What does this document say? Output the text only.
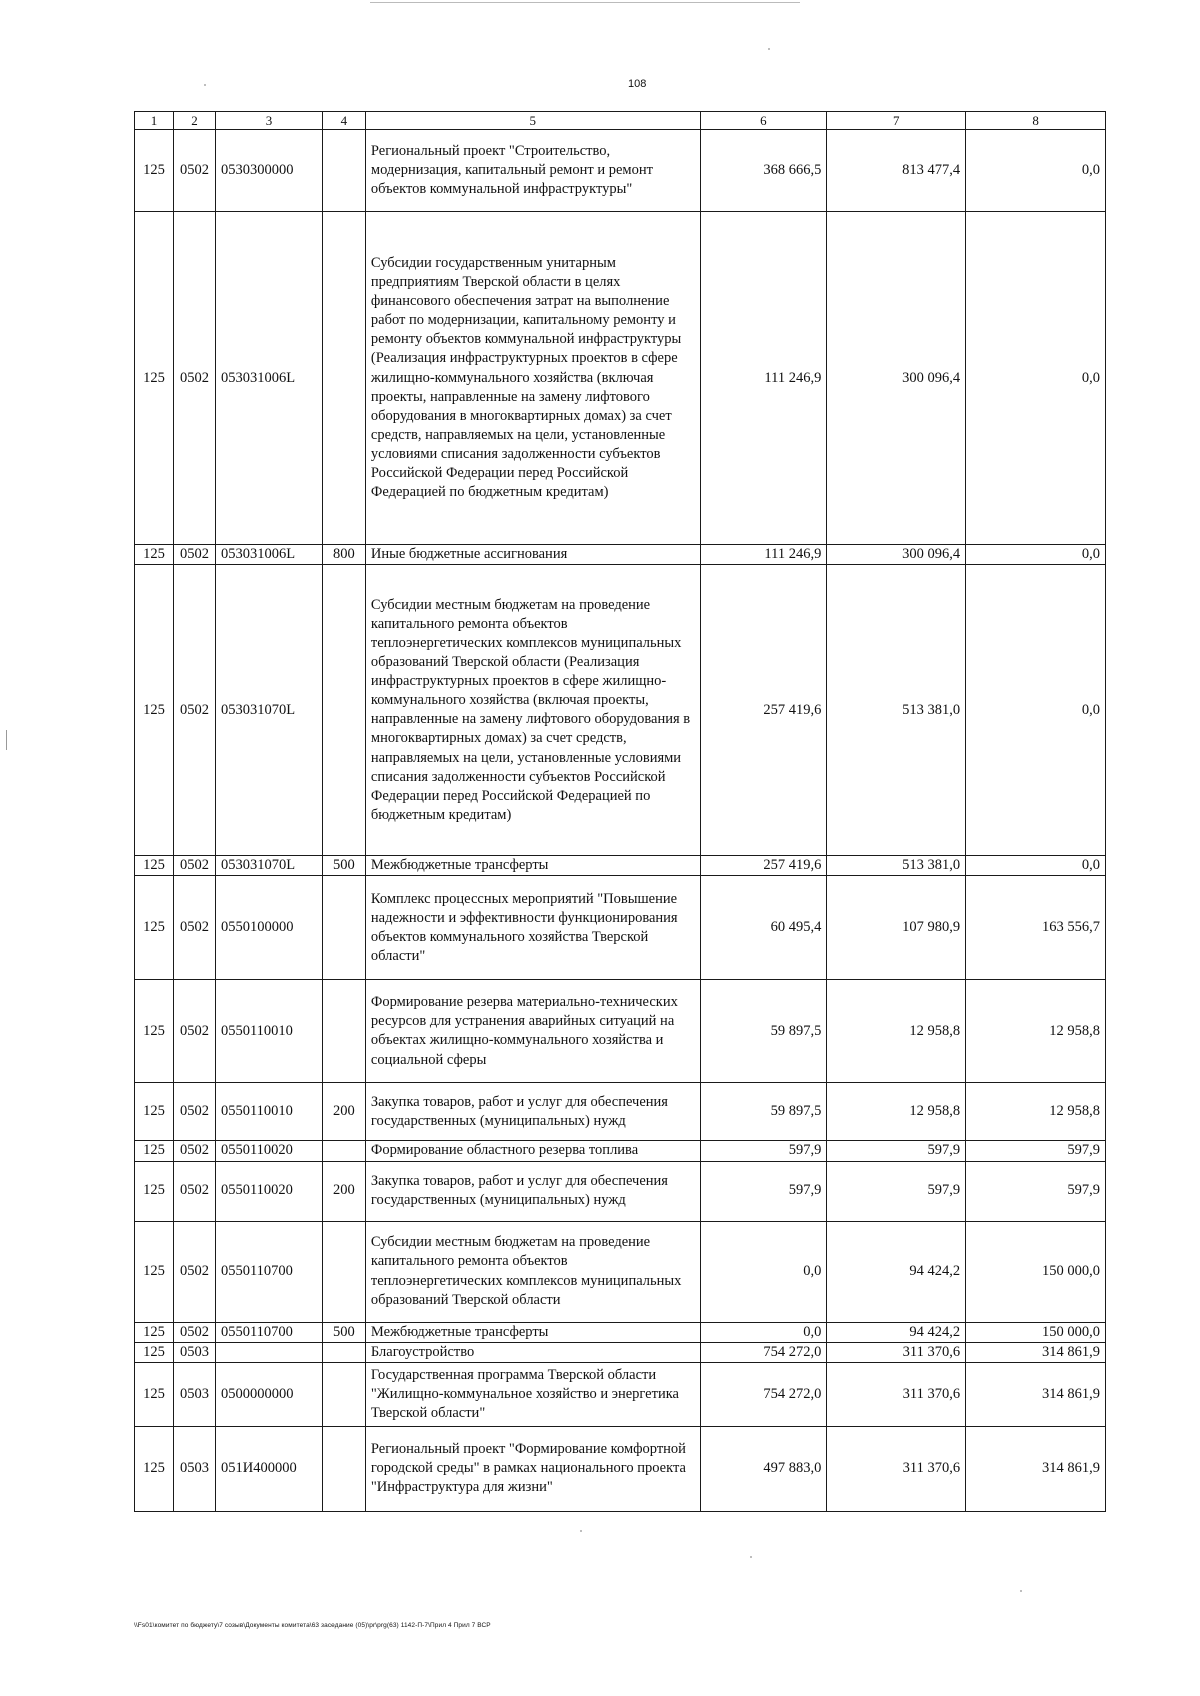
108
1	2	3	4	5	6	7	8
125	0502	0530300000		Региональный проект "Строительство, модернизация, капитальный ремонт и ремонт объектов коммунальной инфраструктуры"	368 666,5	813 477,4	0,0
125	0502	053031006L		Субсидии государственным унитарным предприятиям Тверской области в целях финансового обеспечения затрат на выполнение работ по модернизации, капитальному ремонту и ремонту объектов коммунальной инфраструктуры (Реализация инфраструктурных проектов в сфере жилищно-коммунального хозяйства (включая проекты, направленные на замену лифтового оборудования в многоквартирных домах) за счет средств, направляемых на цели, установленные условиями списания задолженности субъектов Российской Федерации перед Российской Федерацией по бюджетным кредитам)	111 246,9	300 096,4	0,0
125	0502	053031006L	800	Иные бюджетные ассигнования	111 246,9	300 096,4	0,0
125	0502	053031070L		Субсидии местным бюджетам на проведение капитального ремонта объектов теплоэнергетических комплексов муниципальных образований Тверской области (Реализация инфраструктурных проектов в сфере жилищно-коммунального хозяйства (включая проекты, направленные на замену лифтового оборудования в многоквартирных домах) за счет средств, направляемых на цели, установленные условиями списания задолженности субъектов Российской Федерации перед Российской Федерацией по бюджетным кредитам)	257 419,6	513 381,0	0,0
125	0502	053031070L	500	Межбюджетные трансферты	257 419,6	513 381,0	0,0
125	0502	0550100000		Комплекс процессных мероприятий "Повышение надежности и эффективности функционирования объектов коммунального хозяйства Тверской области"	60 495,4	107 980,9	163 556,7
125	0502	0550110010		Формирование резерва материально-технических ресурсов для устранения аварийных ситуаций на объектах жилищно-коммунального хозяйства и социальной сферы	59 897,5	12 958,8	12 958,8
125	0502	0550110010	200	Закупка товаров, работ и услуг для обеспечения государственных (муниципальных) нужд	59 897,5	12 958,8	12 958,8
125	0502	0550110020		Формирование областного резерва топлива	597,9	597,9	597,9
125	0502	0550110020	200	Закупка товаров, работ и услуг для обеспечения государственных (муниципальных) нужд	597,9	597,9	597,9
125	0502	0550110700		Субсидии местным бюджетам на проведение капитального ремонта объектов теплоэнергетических комплексов муниципальных образований Тверской области	0,0	94 424,2	150 000,0
125	0502	0550110700	500	Межбюджетные трансферты	0,0	94 424,2	150 000,0
125	0503			Благоустройство	754 272,0	311 370,6	314 861,9
125	0503	0500000000		Государственная программа Тверской области "Жилищно-коммунальное хозяйство и энергетика Тверской области"	754 272,0	311 370,6	314 861,9
125	0503	051И400000		Региональный проект "Формирование комфортной городской среды" в рамках национального проекта "Инфраструктура для жизни"	497 883,0	311 370,6	314 861,9
\\Fs01\комитет по бюджету\7 созыв\Документы комитета\63 заседание (05)\pr\prg(63) 1142-П-7\Прил 4 Прил 7 ВСР
